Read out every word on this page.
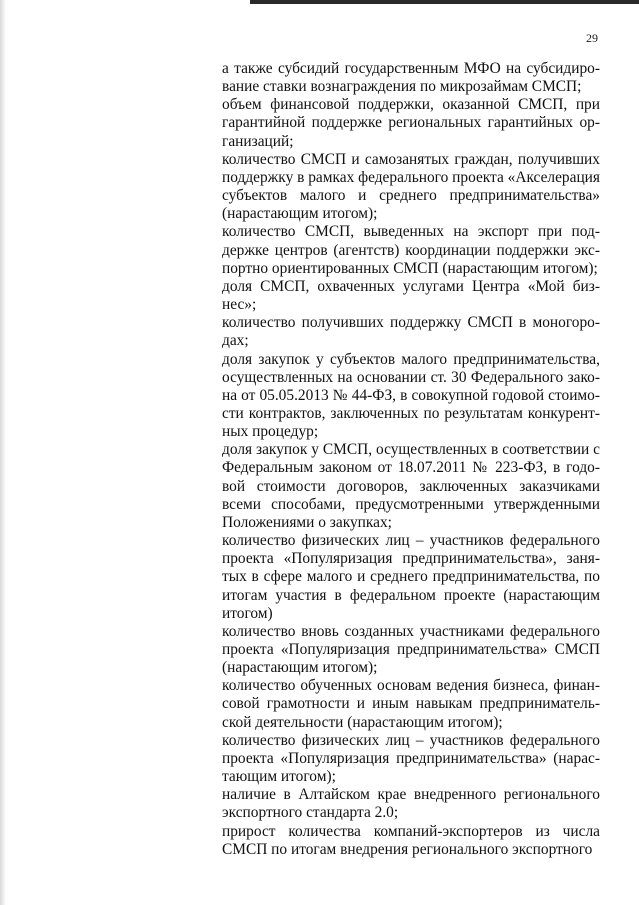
29

а также субсидий государственным МФО на субсидиро-вание ставки вознаграждения по микрозаймам СМСП;

объем финансовой поддержки, оказанной СМСП, при гарантийной поддержке региональных гарантийных ор-ганизаций;

количество СМСП и самозанятых граждан, получивших поддержку в рамках федерального проекта «Акселерация субъектов малого и среднего предпринимательства» (нарастающим итогом);

количество СМСП, выведенных на экспорт при под-держке центров (агентств) координации поддержки экс-портно ориентированных СМСП (нарастающим итогом);

доля СМСП, охваченных услугами Центра «Мой биз-нес»;

количество получивших поддержку СМСП в моногоро-дах;

доля закупок у субъектов малого предпринимательства, осуществленных на основании ст. 30 Федерального зако-на от 05.05.2013 № 44-ФЗ, в совокупной годовой стоимо-сти контрактов, заключенных по результатам конкурент-ных процедур;

доля закупок у СМСП, осуществленных в соответствии с Федеральным законом от 18.07.2011 № 223-ФЗ, в годо-вой стоимости договоров, заключенных заказчиками всеми способами, предусмотренными утвержденными Положениями о закупках;

количество физических лиц – участников федерального проекта «Популяризация предпринимательства», заня-тых в сфере малого и среднего предпринимательства, по итогам участия в федеральном проекте (нарастающим итогом)

количество вновь созданных участниками федерального проекта «Популяризация предпринимательства» СМСП (нарастающим итогом);

количество обученных основам ведения бизнеса, финан-совой грамотности и иным навыкам предприниматель-ской деятельности (нарастающим итогом);

количество физических лиц – участников федерального проекта «Популяризация предпринимательства» (нарас-тающим итогом);

наличие в Алтайском крае внедренного регионального экспортного стандарта 2.0;

прирост количества компаний-экспортеров из числа СМСП по итогам внедрения регионального экспортного
